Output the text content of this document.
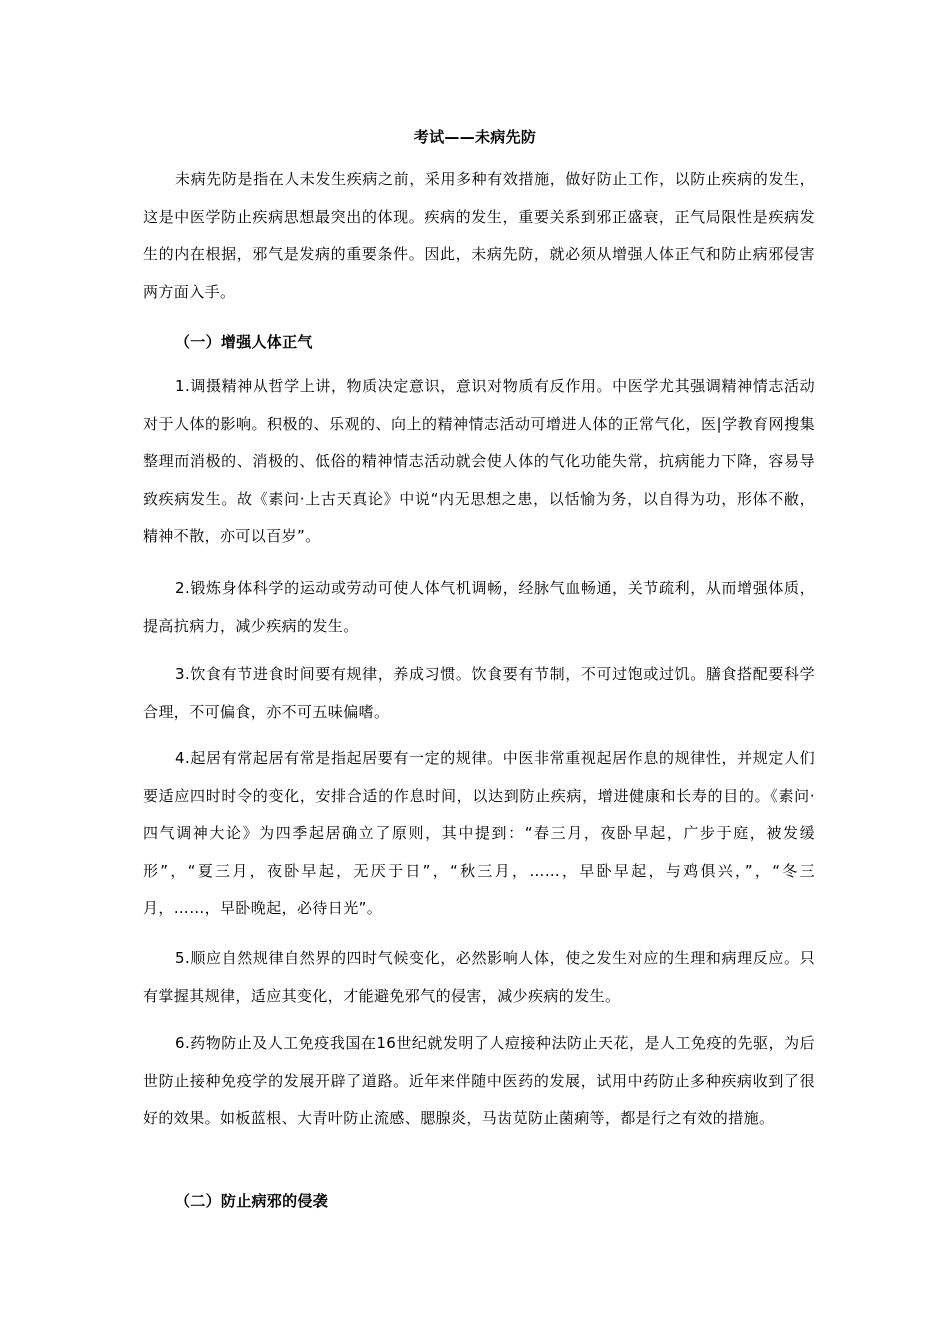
考试——未病先防
未病先防是指在人未发生疾病之前，采用多种有效措施，做好防止工作，以防止疾病的发生，这是中医学防止疾病思想最突出的体现。疾病的发生，重要关系到邪正盛衰，正气局限性是疾病发生的内在根据，邪气是发病的重要条件。因此，未病先防，就必须从增强人体正气和防止病邪侵害两方面入手。
（一）增强人体正气
1.调摄精神从哲学上讲，物质决定意识，意识对物质有反作用。中医学尤其强调精神情志活动对于人体的影响。积极的、乐观的、向上的精神情志活动可增进人体的正常气化，医|学教育网搜集整理而消极的、消极的、低俗的精神情志活动就会使人体的气化功能失常，抗病能力下降，容易导致疾病发生。故《素问·上古天真论》中说“内无思想之患，以恬愉为务，以自得为功，形体不敝，精神不散，亦可以百岁”。
2.锻炼身体科学的运动或劳动可使人体气机调畅，经脉气血畅通，关节疏利，从而增强体质，提高抗病力，减少疾病的发生。
3.饮食有节进食时间要有规律，养成习惯。饮食要有节制，不可过饱或过饥。膳食搭配要科学合理，不可偏食，亦不可五味偏嗜。
4.起居有常起居有常是指起居要有一定的规律。中医非常重视起居作息的规律性，并规定人们要适应四时时令的变化，安排合适的作息时间，以达到防止疾病，增进健康和长寿的目的。《素问·四气调神大论》为四季起居确立了原则，其中提到：“春三月，夜卧早起，广步于庭，被发缓形”，“夏三月，夜卧早起，无厌于日”，“秋三月，……，早卧早起，与鸡俱兴，”，“冬三月，……，早卧晚起，必待日光”。
5.顺应自然规律自然界的四时气候变化，必然影响人体，使之发生对应的生理和病理反应。只有掌握其规律，适应其变化，才能避免邪气的侵害，减少疾病的发生。
6.药物防止及人工免疫我国在16世纪就发明了人痘接种法防止天花，是人工免疫的先驱，为后世防止接种免疫学的发展开辟了道路。近年来伴随中医药的发展，试用中药防止多种疾病收到了很好的效果。如板蓝根、大青叶防止流感、腮腺炎，马齿苋防止菌痢等，都是行之有效的措施。
（二）防止病邪的侵袭
